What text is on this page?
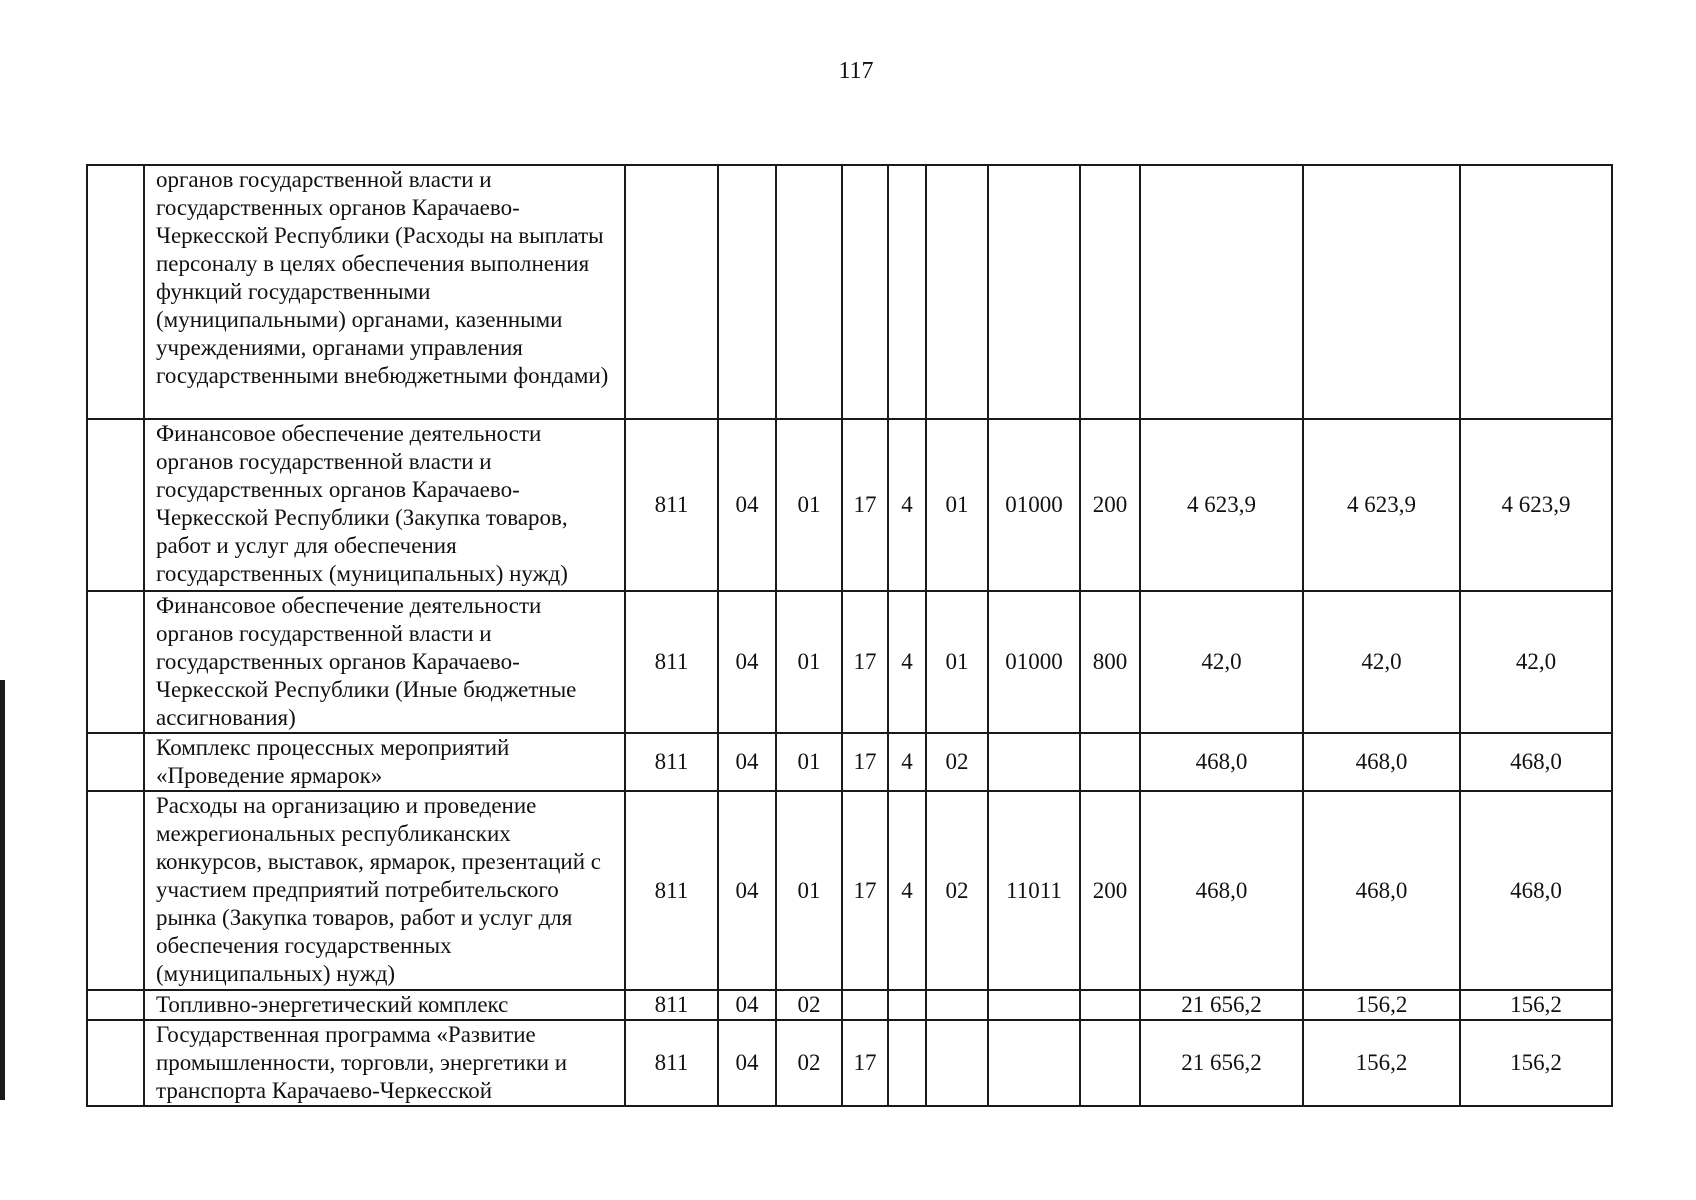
117
	органов государственной власти и государственных органов Карачаево-Черкесской Республики (Расходы на выплаты персоналу в целях обеспечения выполнения функций государственными (муниципальными) органами, казенными учреждениями, органами управления государственными внебюджетными фондами)											
	Финансовое обеспечение деятельности органов государственной власти и государственных органов Карачаево-Черкесской Республики (Закупка товаров, работ и услуг для обеспечения государственных (муниципальных) нужд)	811	04	01	17	4	01	01000	200	4 623,9	4 623,9	4 623,9
	Финансовое обеспечение деятельности органов государственной власти и государственных органов Карачаево-Черкесской Республики (Иные бюджетные ассигнования)	811	04	01	17	4	01	01000	800	42,0	42,0	42,0
	Комплекс процессных мероприятий «Проведение ярмарок»	811	04	01	17	4	02			468,0	468,0	468,0
	Расходы на организацию и проведение межрегиональных республиканских конкурсов, выставок, ярмарок, презентаций с участием предприятий потребительского рынка (Закупка товаров, работ и услуг для обеспечения государственных (муниципальных) нужд)	811	04	01	17	4	02	11011	200	468,0	468,0	468,0
	Топливно-энергетический комплекс	811	04	02						21 656,2	156,2	156,2
	Государственная программа «Развитие промышленности, торговли, энергетики и транспорта Карачаево-Черкесской	811	04	02	17					21 656,2	156,2	156,2
